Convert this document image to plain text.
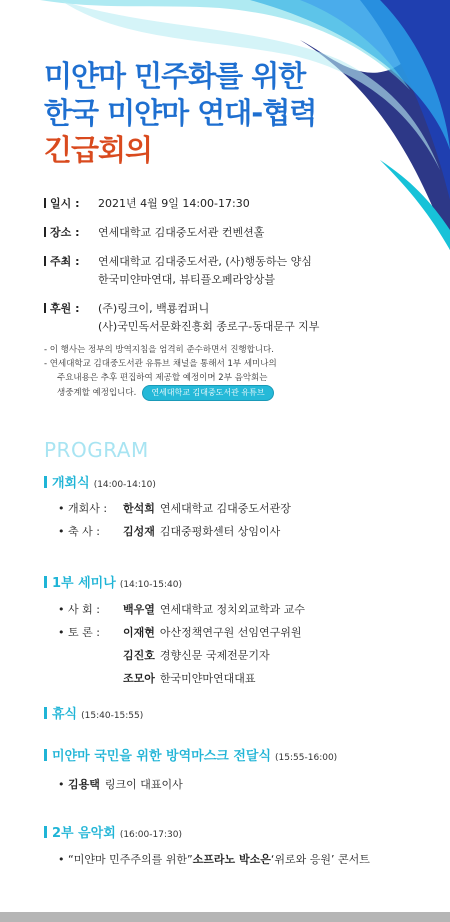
미얀마 민주화를 위한
한국 미얀마 연대-협력
긴급회의
일시 :	2021년 4월 9일 14:00-17:30
장소 :	연세대학교 김대중도서관 컨벤션홀
주최 :	연세대학교 김대중도서관, (사)행동하는 양심
한국미얀마연대, 뷰티플오페라앙상블
후원 :	(주)링크이, 백룡컴퍼니
(사)국민독서문화진흥회 종로구-동대문구 지부
- 이 행사는 정부의 방역지침을 엄격히 준수하면서 진행합니다.
- 연세대학교 김대중도서관 유튜브 채널을 통해서 1부 세미나의
주요내용은 추후 편집하여 제공할 예정이며 2부 음악회는
생중계할 예정입니다. 연세대학교 김대중도서관 유튜브
PROGRAM
개회식 (14:00-14:10)
• 개회사 :	한석희 연세대학교 김대중도서관장
• 축 사 :	김성재 김대중평화센터 상임이사
1부 세미나 (14:10-15:40)
• 사 회 :	백우열 연세대학교 정치외교학과 교수
• 토 론 :	이재현 아산정책연구원 선임연구위원
김진호 경향신문 국제전문기자
조모아 한국미얀마연대대표
휴식 (15:40-15:55)
미얀마 국민을 위한 방역마스크 전달식 (15:55-16:00)
• 김용택 링크이 대표이사
2부 음악회 (16:00-17:30)
• “미얀마 민주주의를 위한” 소프라노 박소은 ‘위로와 응원’ 콘서트
